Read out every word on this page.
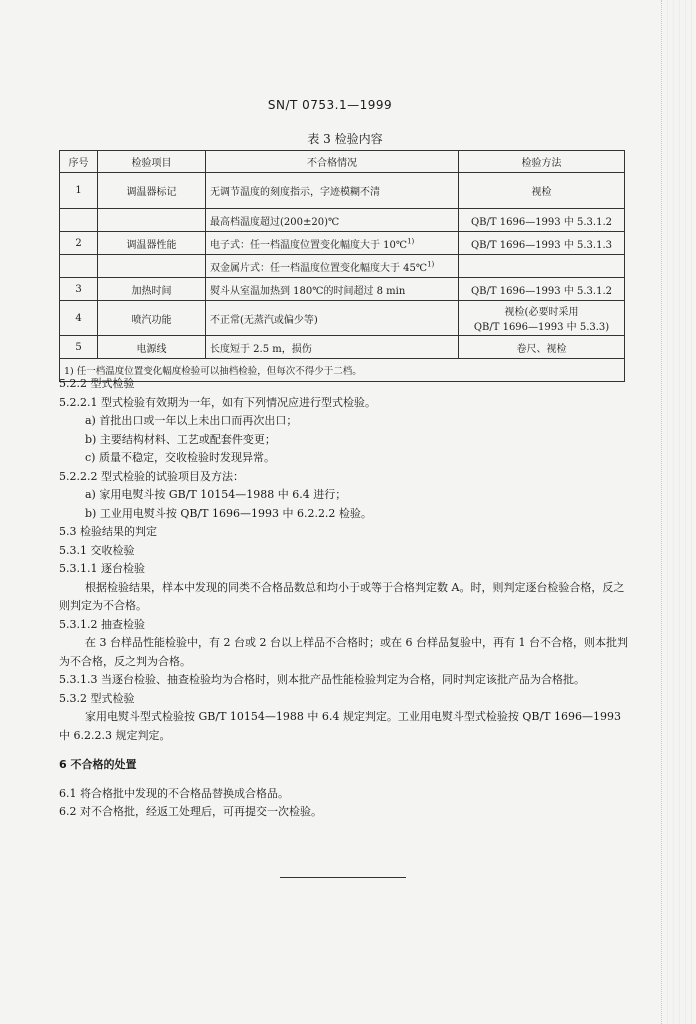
SN/T 0753.1—1999
表 3 检验内容
序号	检验项目	不合格情况	检验方法
1	调温器标记	无调节温度的刻度指示，字迹模糊不清	视检
		最高档温度超过(200±20)℃	QB/T 1696—1993 中 5.3.1.2
2	调温器性能	电子式：任一档温度位置变化幅度大于 10℃$^{1)}$	QB/T 1696—1993 中 5.3.1.3
		双金属片式：任一档温度位置变化幅度大于 45℃$^{1)}$	
3	加热时间	熨斗从室温加热到 180℃的时间超过 8 min	QB/T 1696—1993 中 5.3.1.2
4	喷汽功能	不正常(无蒸汽或偏少等)	视检(必要时采用
QB/T 1696—1993 中 5.3.3)

5	电源线	长度短于 2.5 m，损伤	卷尺、视检
1) 任一档温度位置变化幅度检验可以抽档检验，但每次不得少于二档。			

5.2.2 型式检验

5.2.2.1 型式检验有效期为一年，如有下列情况应进行型式检验。

a) 首批出口或一年以上未出口而再次出口；

b) 主要结构材料、工艺或配套件变更；

c) 质量不稳定，交收检验时发现异常。

5.2.2.2 型式检验的试验项目及方法：

a) 家用电熨斗按 GB/T 10154—1988 中 6.4 进行；

b) 工业用电熨斗按 QB/T 1696—1993 中 6.2.2.2 检验。

5.3 检验结果的判定

5.3.1 交收检验

5.3.1.1 逐台检验

根据检验结果，样本中发现的同类不合格品数总和均小于或等于合格判定数 A。时，则判定逐台检验合格，反之则判定为不合格。

5.3.1.2 抽查检验

在 3 台样品性能检验中，有 2 台或 2 台以上样品不合格时；或在 6 台样品复验中，再有 1 台不合格，则本批判为不合格，反之判为合格。

5.3.1.3 当逐台检验、抽查检验均为合格时，则本批产品性能检验判定为合格，同时判定该批产品为合格批。

5.3.2 型式检验

家用电熨斗型式检验按 GB/T 10154—1988 中 6.4 规定判定。工业用电熨斗型式检验按 QB/T 1696—1993 中 6.2.2.3 规定判定。

6 不合格的处置

6.1 将合格批中发现的不合格品替换成合格品。

6.2 对不合格批，经返工处理后，可再提交一次检验。
